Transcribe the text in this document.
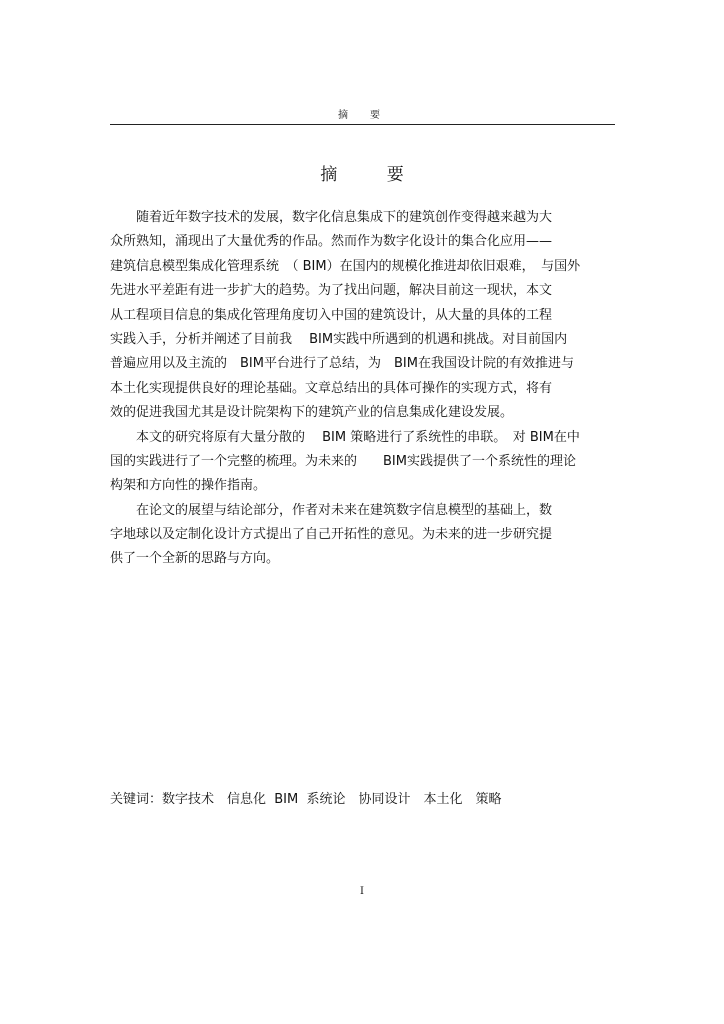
摘　要
摘 要
　　随着近年数字技术的发展，数字化信息集成下的建筑创作变得越来越为大
众所熟知，涌现出了大量优秀的作品。然而作为数字化设计的集合化应用——
建筑信息模型集成化管理系统　（ BIM）在国内的规模化推进却依旧艰难，　与国外
先进水平差距有进一步扩大的趋势。为了找出问题，解决目前这一现状，本文
从工程项目信息的集成化管理角度切入中国的建筑设计，从大量的具体的工程
实践入手，分析并阐述了目前我　 BIM实践中所遇到的机遇和挑战。对目前国内
普遍应用以及主流的　BIM平台进行了总结，为　BIM在我国设计院的有效推进与
本土化实现提供良好的理论基础。文章总结出的具体可操作的实现方式，将有
效的促进我国尤其是设计院架构下的建筑产业的信息集成化建设发展。
　　本文的研究将原有大量分散的　 BIM 策略进行了系统性的串联。　对 BIM在中
国的实践进行了一个完整的梳理。为未来的　　BIM实践提供了一个系统性的理论
构架和方向性的操作指南。
　　在论文的展望与结论部分，作者对未来在建筑数字信息模型的基础上，数
字地球以及定制化设计方式提出了自己开拓性的意见。为未来的进一步研究提
供了一个全新的思路与方向。
关键词：数字技术　信息化  BIM  系统论　协同设计　本土化　策略
I
